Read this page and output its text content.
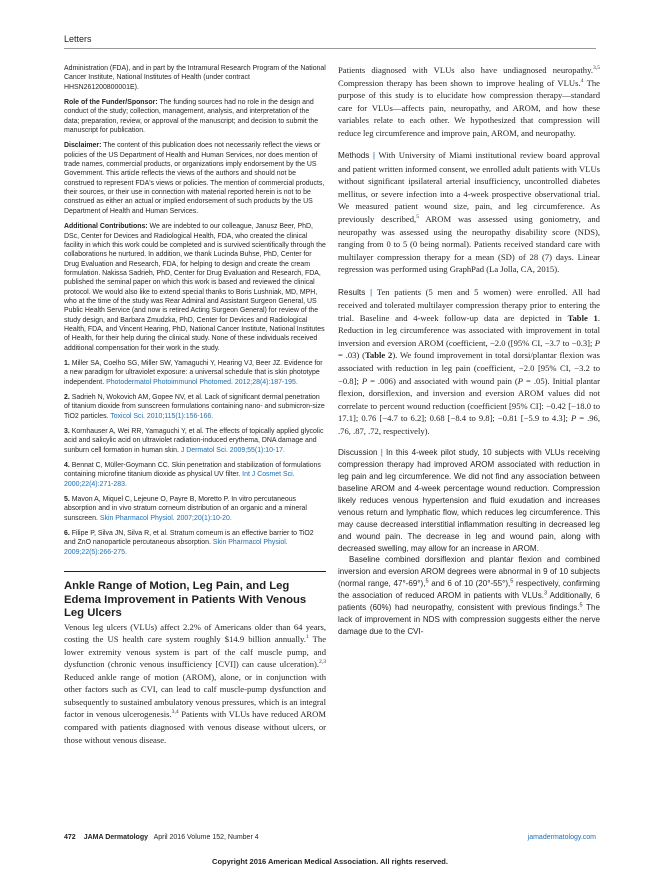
Letters

Administration (FDA), and in part by the Intramural Research Program of the National Cancer Institute, National Institutes of Health (under contract HHSN261200800001E).

Role of the Funder/Sponsor: The funding sources had no role in the design and conduct of the study; collection, management, analysis, and interpretation of the data; preparation, review, or approval of the manuscript; and decision to submit the manuscript for publication.

Disclaimer: The content of this publication does not necessarily reflect the views or policies of the US Department of Health and Human Services, nor does mention of trade names, commercial products, or organizations imply endorsement by the US Government. This article reflects the views of the authors and should not be construed to represent FDA's views or policies. The mention of commercial products, their sources, or their use in connection with material reported herein is not to be construed as either an actual or implied endorsement of such products by the US Department of Health and Human Services.

Additional Contributions: We are indebted to our colleague, Janusz Beer, PhD, DSc, Center for Devices and Radiological Health, FDA, who created the clinical facility in which this work could be completed and is survived scientifically through the collaborations he nurtured. In addition, we thank Lucinda Buhse, PhD, Center for Drug Evaluation and Research, FDA, for helping to design and create the cream formulation. Nakissa Sadrieh, PhD, Center for Drug Evaluation and Research, FDA, published the seminal paper on which this work is based and reviewed the clinical protocol. We would also like to extend special thanks to Boris Lushniak, MD, MPH, who at the time of the study was Rear Admiral and Assistant Surgeon General, US Public Health Service (and now is retired Acting Surgeon General) for review of the study design, and Barbara Zmudzka, PhD, Center for Devices and Radiological Health, FDA, and Vincent Hearing, PhD, National Cancer Institute, National Institutes of Health, for their help during the clinical study. None of these individuals received additional compensation for their work in the study.

1. Miller SA, Coelho SG, Miller SW, Yamaguchi Y, Hearing VJ, Beer JZ. Evidence for a new paradigm for ultraviolet exposure: a universal schedule that is skin phototype independent. Photodermatol Photoimmunol Photomed. 2012;28(4):187-195.

2. Sadrieh N, Wokovich AM, Gopee NV, et al. Lack of significant dermal penetration of titanium dioxide from sunscreen formulations containing nano- and submicron-size TiO2 particles. Toxicol Sci. 2010;115(1):156-166.

3. Kornhauser A, Wei RR, Yamaguchi Y, et al. The effects of topically applied glycolic acid and salicylic acid on ultraviolet radiation-induced erythema, DNA damage and sunburn cell formation in human skin. J Dermatol Sci. 2009;55(1):10-17.

4. Bennat C, Müller-Goymann CC. Skin penetration and stabilization of formulations containing microfine titanium dioxide as physical UV filter. Int J Cosmet Sci. 2000;22(4):271-283.

5. Mavon A, Miquel C, Lejeune O, Payre B, Moretto P. In vitro percutaneous absorption and in vivo stratum corneum distribution of an organic and a mineral sunscreen. Skin Pharmacol Physiol. 2007;20(1):10-20.

6. Filipe P, Silva JN, Silva R, et al. Stratum corneum is an effective barrier to TiO2 and ZnO nanoparticle percutaneous absorption. Skin Pharmacol Physiol. 2009;22(5):266-275.

Ankle Range of Motion, Leg Pain, and Leg Edema Improvement in Patients With Venous Leg Ulcers

Venous leg ulcers (VLUs) affect 2.2% of Americans older than 64 years, costing the US health care system roughly $14.9 billion annually.$^1$ The lower extremity venous system is part of the calf muscle pump, and dysfunction (chronic venous insufficiency [CVI]) can cause ulceration).$^{2,3}$ Reduced ankle range of motion (AROM), alone, or in conjunction with other factors such as CVI, can lead to calf muscle-pump dysfunction and subsequently to sustained ambulatory venous pressures, which is an integral factor in venous ulcerogenesis.$^{3,4}$ Patients with VLUs have reduced AROM compared with patients diagnosed with venous disease without ulcers, or those without venous disease.

Patients diagnosed with VLUs also have undiagnosed neuropathy.$^{3,5}$ Compression therapy has been shown to improve healing of VLUs.$^4$ The purpose of this study is to elucidate how compression therapy—standard care for VLUs—affects pain, neuropathy, and AROM, and how these variables relate to each other. We hypothesized that compression will reduce leg circumference and improve pain, AROM, and neuropathy.

Methods | With University of Miami institutional review board approval and patient written informed consent, we enrolled adult patients with VLUs without significant ipsilateral arterial insufficiency, uncontrolled diabetes mellitus, or severe infection into a 4-week prospective observational trial. We measured patient wound size, pain, and leg circumference. As previously described,$^5$ AROM was assessed using goniometry, and neuropathy was assessed using the neuropathy disability score (NDS), ranging from 0 to 5 (0 being normal). Patients received standard care with multilayer compression therapy for a mean (SD) of 28 (7) days. Linear regression was performed using GraphPad (La Jolla, CA, 2015).

Results | Ten patients (5 men and 5 women) were enrolled. All had received and tolerated multilayer compression therapy prior to entering the trial. Baseline and 4-week follow-up data are depicted in Table 1. Reduction in leg circumference was associated with improvement in total inversion and eversion AROM (coefficient, −2.0 ([95% CI, −3.7 to −0.3]; P = .03) (Table 2). We found improvement in total dorsi/plantar flexion was associated with reduction in leg pain (coefficient, −2.0 [95% CI, −3.2 to −0.8]; P = .006) and associated with wound pain (P = .05). Initial plantar flexion, dorsiflexion, and inversion and eversion AROM values did not correlate to percent wound reduction (coefficient [95% CI]: −0.42 [−18.0 to 17.1]; 0.76 [−4.7 to 6.2]; 0.68 [−8.4 to 9.8]; −0.81 [−5.9 to 4.3]; P = .96, .76, .87, .72, respectively).

Discussion | In this 4-week pilot study, 10 subjects with VLUs receiving compression therapy had improved AROM associated with reduction in leg pain and leg circumference. We did not find any association between baseline AROM and 4-week percentage wound reduction. Compression likely reduces venous hypertension and fluid exudation and increases venous return and lymphatic flow, which reduces leg circumference. This may cause decreased interstitial inflammation resulting in decreased leg and wound pain. The decrease in leg and wound pain, along with decreased swelling, may allow for an increase in AROM.

Baseline combined dorsiflexion and plantar flexion and combined inversion and eversion AROM degrees were abnormal in 9 of 10 subjects (normal range, 47°-69°),$^5$ and 6 of 10 (20°-55°),$^5$ respectively, confirming the association of reduced AROM in patients with VLUs.$^3$ Additionally, 6 patients (60%) had neuropathy, consistent with previous findings.$^5$ The lack of improvement in NDS with compression suggests either the nerve damage due to the CVI-

472 JAMA Dermatology April 2016 Volume 152, Number 4	jamadermatology.com
Copyright 2016 American Medical Association. All rights reserved.
